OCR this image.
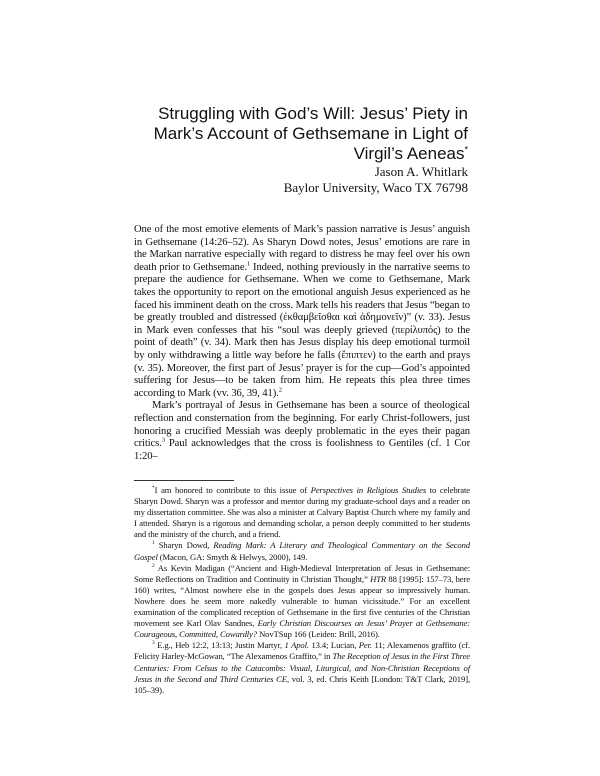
Struggling with God’s Will: Jesus’ Piety in
Mark’s Account of Gethsemane in Light of
Virgil’s Aeneas*
Jason A. Whitlark
Baylor University, Waco TX 76798

One of the most emotive elements of Mark’s passion narrative is Jesus’ anguish in Gethsemane (14:26–52). As Sharyn Dowd notes, Jesus’ emotions are rare in the Markan narrative especially with regard to distress he may feel over his own death prior to Gethsemane.$^1$ Indeed, nothing previously in the narrative seems to prepare the audience for Gethsemane. When we come to Gethsemane, Mark takes the opportunity to report on the emotional anguish Jesus experienced as he faced his imminent death on the cross. Mark tells his readers that Jesus “began to be greatly troubled and distressed (ἐκθαμβεῖσθαι καὶ ἀδημονεῖν)” (v. 33). Jesus in Mark even confesses that his “soul was deeply grieved (περίλυπός) to the point of death” (v. 34). Mark then has Jesus display his deep emotional turmoil by only withdrawing a little way before he falls (ἔπιπτεν) to the earth and prays (v. 35). Moreover, the first part of Jesus’ prayer is for the cup—God’s appointed suffering for Jesus—to be taken from him. He repeats this plea three times according to Mark (vv. 36, 39, 41).$^2$

Mark’s portrayal of Jesus in Gethsemane has been a source of theological reflection and consternation from the beginning. For early Christ-followers, just honoring a crucified Messiah was deeply problematic in the eyes their pagan critics.$^3$ Paul acknowledges that the cross is foolishness to Gentiles (cf. 1 Cor 1:20–

*I am honored to contribute to this issue of Perspectives in Religious Studies to celebrate Sharyn Dowd. Sharyn was a professor and mentor during my graduate-school days and a reader on my dissertation committee. She was also a minister at Calvary Baptist Church where my family and I attended. Sharyn is a rigorous and demanding scholar, a person deeply committed to her students and the ministry of the church, and a friend.

$^1$ Sharyn Dowd, Reading Mark: A Literary and Theological Commentary on the Second Gospel (Macon, GA: Smyth & Helwys, 2000), 149.

$^2$ As Kevin Madigan (“Ancient and High-Medieval Interpretation of Jesus in Gethsemane: Some Reflections on Tradition and Continuity in Christian Thought,” HTR 88 [1995]: 157–73, here 160) writes, “Almost nowhere else in the gospels does Jesus appear so impressively human. Nowhere does he seem more nakedly vulnerable to human vicissitude.” For an excellent examination of the complicated reception of Gethsemane in the first five centuries of the Christian movement see Karl Olav Sandnes, Early Christian Discourses on Jesus’ Prayer at Gethsemane: Courageous, Committed, Cowardly? NovTSup 166 (Leiden: Brill, 2016).

$^3$ E.g., Heb 12:2, 13:13; Justin Martyr, 1 Apol. 13.4; Lucian, Per. 11; Alexamenos graffito (cf. Felicity Harley-McGowan, “The Alexamenos Graffito,” in The Reception of Jesus in the First Three Centuries: From Celsus to the Catacombs: Visual, Liturgical, and Non-Christian Receptions of Jesus in the Second and Third Centuries CE, vol. 3, ed. Chris Keith [London: T&T Clark, 2019], 105–39).
